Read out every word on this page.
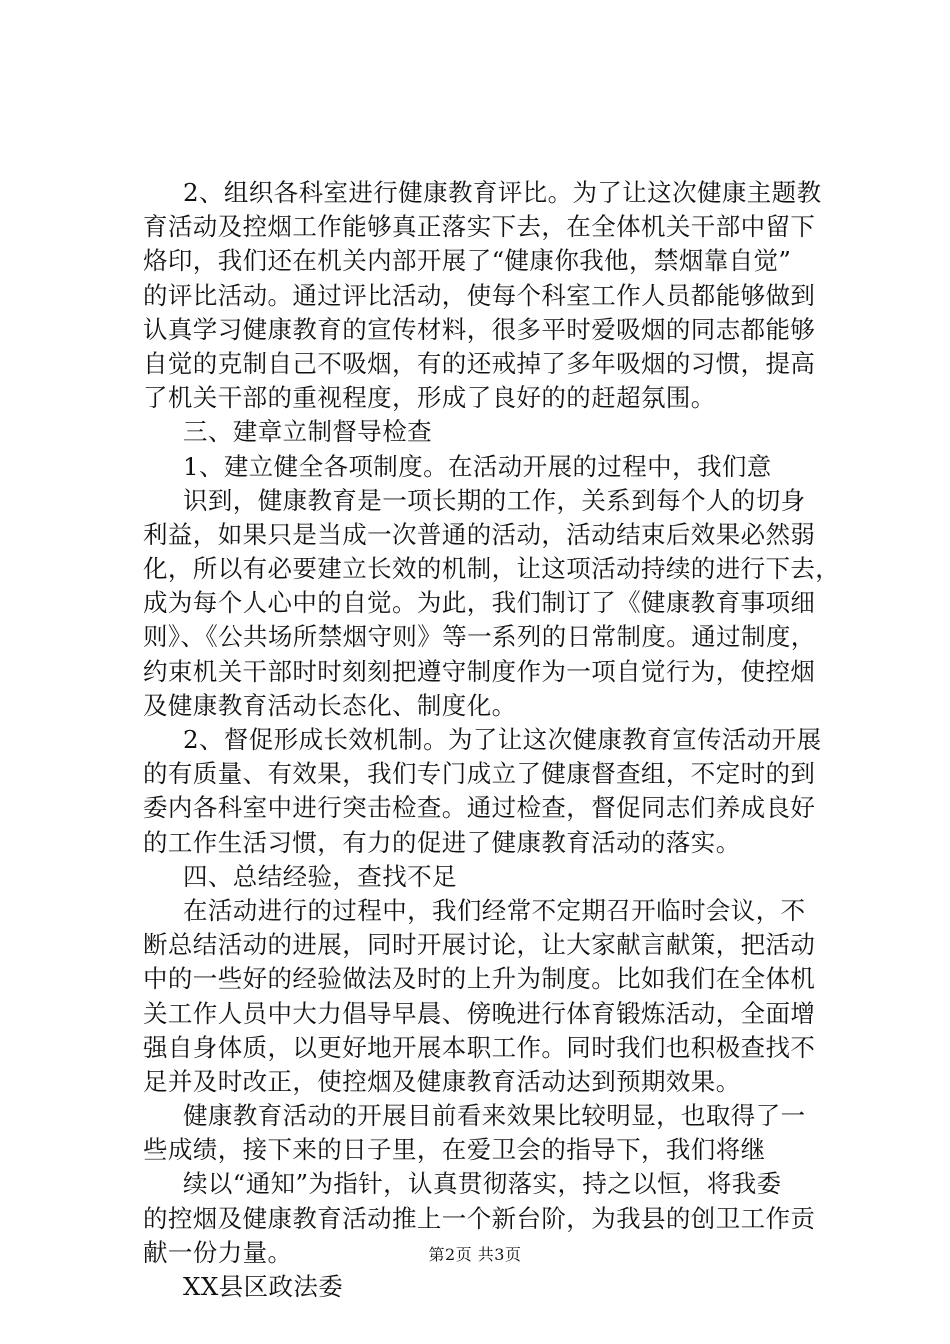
2、组织各科室进行健康教育评比。为了让这次健康主题教
育活动及控烟工作能够真正落实下去，在全体机关干部中留下
烙印，我们还在机关内部开展了“健康你我他，禁烟靠自觉”
的评比活动。通过评比活动，使每个科室工作人员都能够做到
认真学习健康教育的宣传材料，很多平时爱吸烟的同志都能够
自觉的克制自己不吸烟，有的还戒掉了多年吸烟的习惯，提高
了机关干部的重视程度，形成了良好的的赶超氛围。
三、建章立制督导检查
1、建立健全各项制度。在活动开展的过程中，我们意
识到，健康教育是一项长期的工作，关系到每个人的切身
利益，如果只是当成一次普通的活动，活动结束后效果必然弱
化，所以有必要建立长效的机制，让这项活动持续的进行下去，
成为每个人心中的自觉。为此，我们制订了《健康教育事项细
则》、《公共场所禁烟守则》等一系列的日常制度。通过制度，
约束机关干部时时刻刻把遵守制度作为一项自觉行为，使控烟
及健康教育活动长态化、制度化。
2、督促形成长效机制。为了让这次健康教育宣传活动开展
的有质量、有效果，我们专门成立了健康督查组，不定时的到
委内各科室中进行突击检查。通过检查，督促同志们养成良好
的工作生活习惯，有力的促进了健康教育活动的落实。
四、总结经验，查找不足
在活动进行的过程中，我们经常不定期召开临时会议，不
断总结活动的进展，同时开展讨论，让大家献言献策，把活动
中的一些好的经验做法及时的上升为制度。比如我们在全体机
关工作人员中大力倡导早晨、傍晚进行体育锻炼活动，全面增
强自身体质，以更好地开展本职工作。同时我们也积极查找不
足并及时改正，使控烟及健康教育活动达到预期效果。
健康教育活动的开展目前看来效果比较明显，也取得了一
些成绩，接下来的日子里，在爱卫会的指导下，我们将继
续以“通知”为指针，认真贯彻落实，持之以恒，将我委
的控烟及健康教育活动推上一个新台阶，为我县的创卫工作贡
献一份力量。
XX县区政法委
第2页 共3页
